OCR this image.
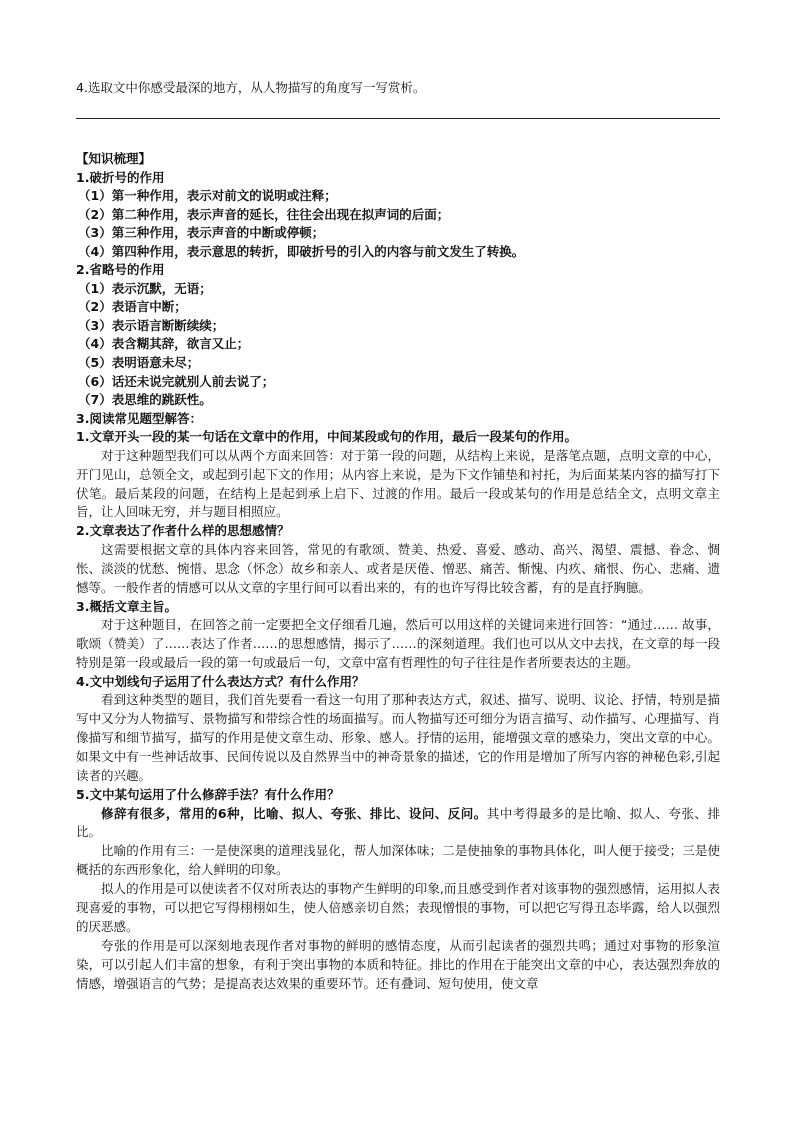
4.选取文中你感受最深的地方，从人物描写的角度写一写赏析。
【知识梳理】
1.破折号的作用
（1）第一种作用，表示对前文的说明或注释；
（2）第二种作用，表示声音的延长，往往会出现在拟声词的后面；
（3）第三种作用，表示声音的中断或停顿；
（4）第四种作用，表示意思的转折，即破折号的引入的内容与前文发生了转换。
2.省略号的作用
（1）表示沉默，无语；
（2）表语言中断；
（3）表示语言断断续续；
（4）表含糊其辞，欲言又止；
（5）表明语意未尽；
（6）话还未说完就别人前去说了；
（7）表思维的跳跃性。
3.阅读常见题型解答：
1.文章开头一段的某一句话在文章中的作用，中间某段或句的作用，最后一段某句的作用。

对于这种题型我们可以从两个方面来回答：对于第一段的问题，从结构上来说，是落笔点题，点明文章的中心，开门见山，总领全文，或起到引起下文的作用；从内容上来说，是为下文作铺垫和衬托，为后面某某内容的描写打下伏笔。最后某段的问题，在结构上是起到承上启下、过渡的作用。最后一段或某句的作用是总结全文，点明文章主旨，让人回味无穷，并与题目相照应。

2.文章表达了作者什么样的思想感情？

这需要根据文章的具体内容来回答，常见的有歌颂、赞美、热爱、喜爱、感动、高兴、渴望、震撼、眷念、惆怅、淡淡的忧愁、惋惜、思念（怀念）故乡和亲人、或者是厌倦、憎恶、痛苦、惭愧、内疚、痛恨、伤心、悲痛、遗憾等。一般作者的情感可以从文章的字里行间可以看出来的，有的也许写得比较含蓄，有的是直抒胸臆。

3.概括文章主旨。

对于这种题目，在回答之前一定要把全文仔细看几遍，然后可以用这样的关键词来进行回答：“通过…… 故事，歌颂（赞美）了……表达了作者……的思想感情，揭示了……的深刻道理。我们也可以从文中去找，在文章的每一段特别是第一段或最后一段的第一句或最后一句，文章中富有哲理性的句子往往是作者所要表达的主题。

4.文中划线句子运用了什么表达方式？有什么作用？

看到这种类型的题目，我们首先要看一看这一句用了那种表达方式，叙述、描写、说明、议论、抒情，特别是描写中又分为人物描写、景物描写和带综合性的场面描写。而人物描写还可细分为语言描写、动作描写、心理描写、肖像描写和细节描写，描写的作用是使文章生动、形象、感人。抒情的运用，能增强文章的感染力，突出文章的中心。如果文中有一些神话故事、民间传说以及自然界当中的神奇景象的描述，它的作用是增加了所写内容的神秘色彩,引起读者的兴趣。

5.文中某句运用了什么修辞手法？有什么作用？

修辞有很多，常用的6种，比喻、拟人、夸张、排比、设问、反问。其中考得最多的是比喻、拟人、夸张、排比。

比喻的作用有三：一是使深奥的道理浅显化，帮人加深体味；二是使抽象的事物具体化，叫人便于接受；三是使概括的东西形象化，给人鲜明的印象。

拟人的作用是可以使读者不仅对所表达的事物产生鲜明的印象,而且感受到作者对该事物的强烈感情，运用拟人表现喜爱的事物，可以把它写得栩栩如生，使人倍感亲切自然；表现憎恨的事物，可以把它写得丑态毕露，给人以强烈的厌恶感。

夸张的作用是可以深刻地表现作者对事物的鲜明的感情态度，从而引起读者的强烈共鸣；通过对事物的形象渲染，可以引起人们丰富的想象，有利于突出事物的本质和特征。排比的作用在于能突出文章的中心，表达强烈奔放的情感，增强语言的气势；是提高表达效果的重要环节。还有叠词、短句使用，使文章
